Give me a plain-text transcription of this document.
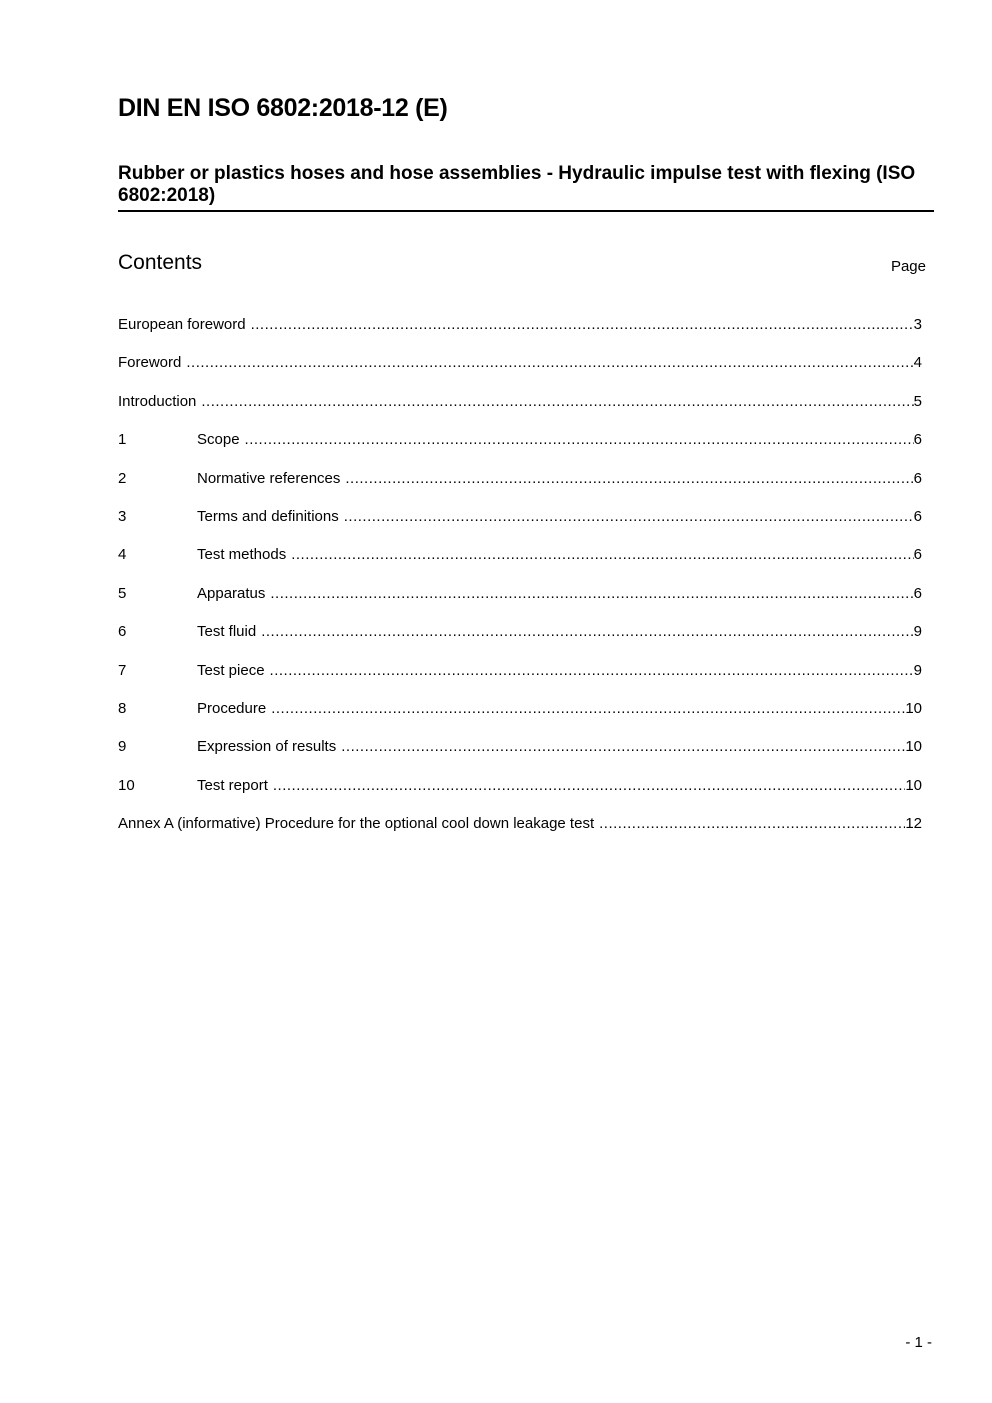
DIN EN ISO 6802:2018-12 (E)
Rubber or plastics hoses and hose assemblies - Hydraulic impulse test with flexing (ISO 6802:2018)
Contents	Page
European foreword .....	3
Foreword .....	4
Introduction .....	5
1	Scope .....	6
2	Normative references .....	6
3	Terms and definitions .....	6
4	Test methods .....	6
5	Apparatus .....	6
6	Test fluid .....	9
7	Test piece .....	9
8	Procedure .....	10
9	Expression of results .....	10
10	Test report .....	10
Annex A (informative) Procedure for the optional cool down leakage test .....	12
- 1 -
